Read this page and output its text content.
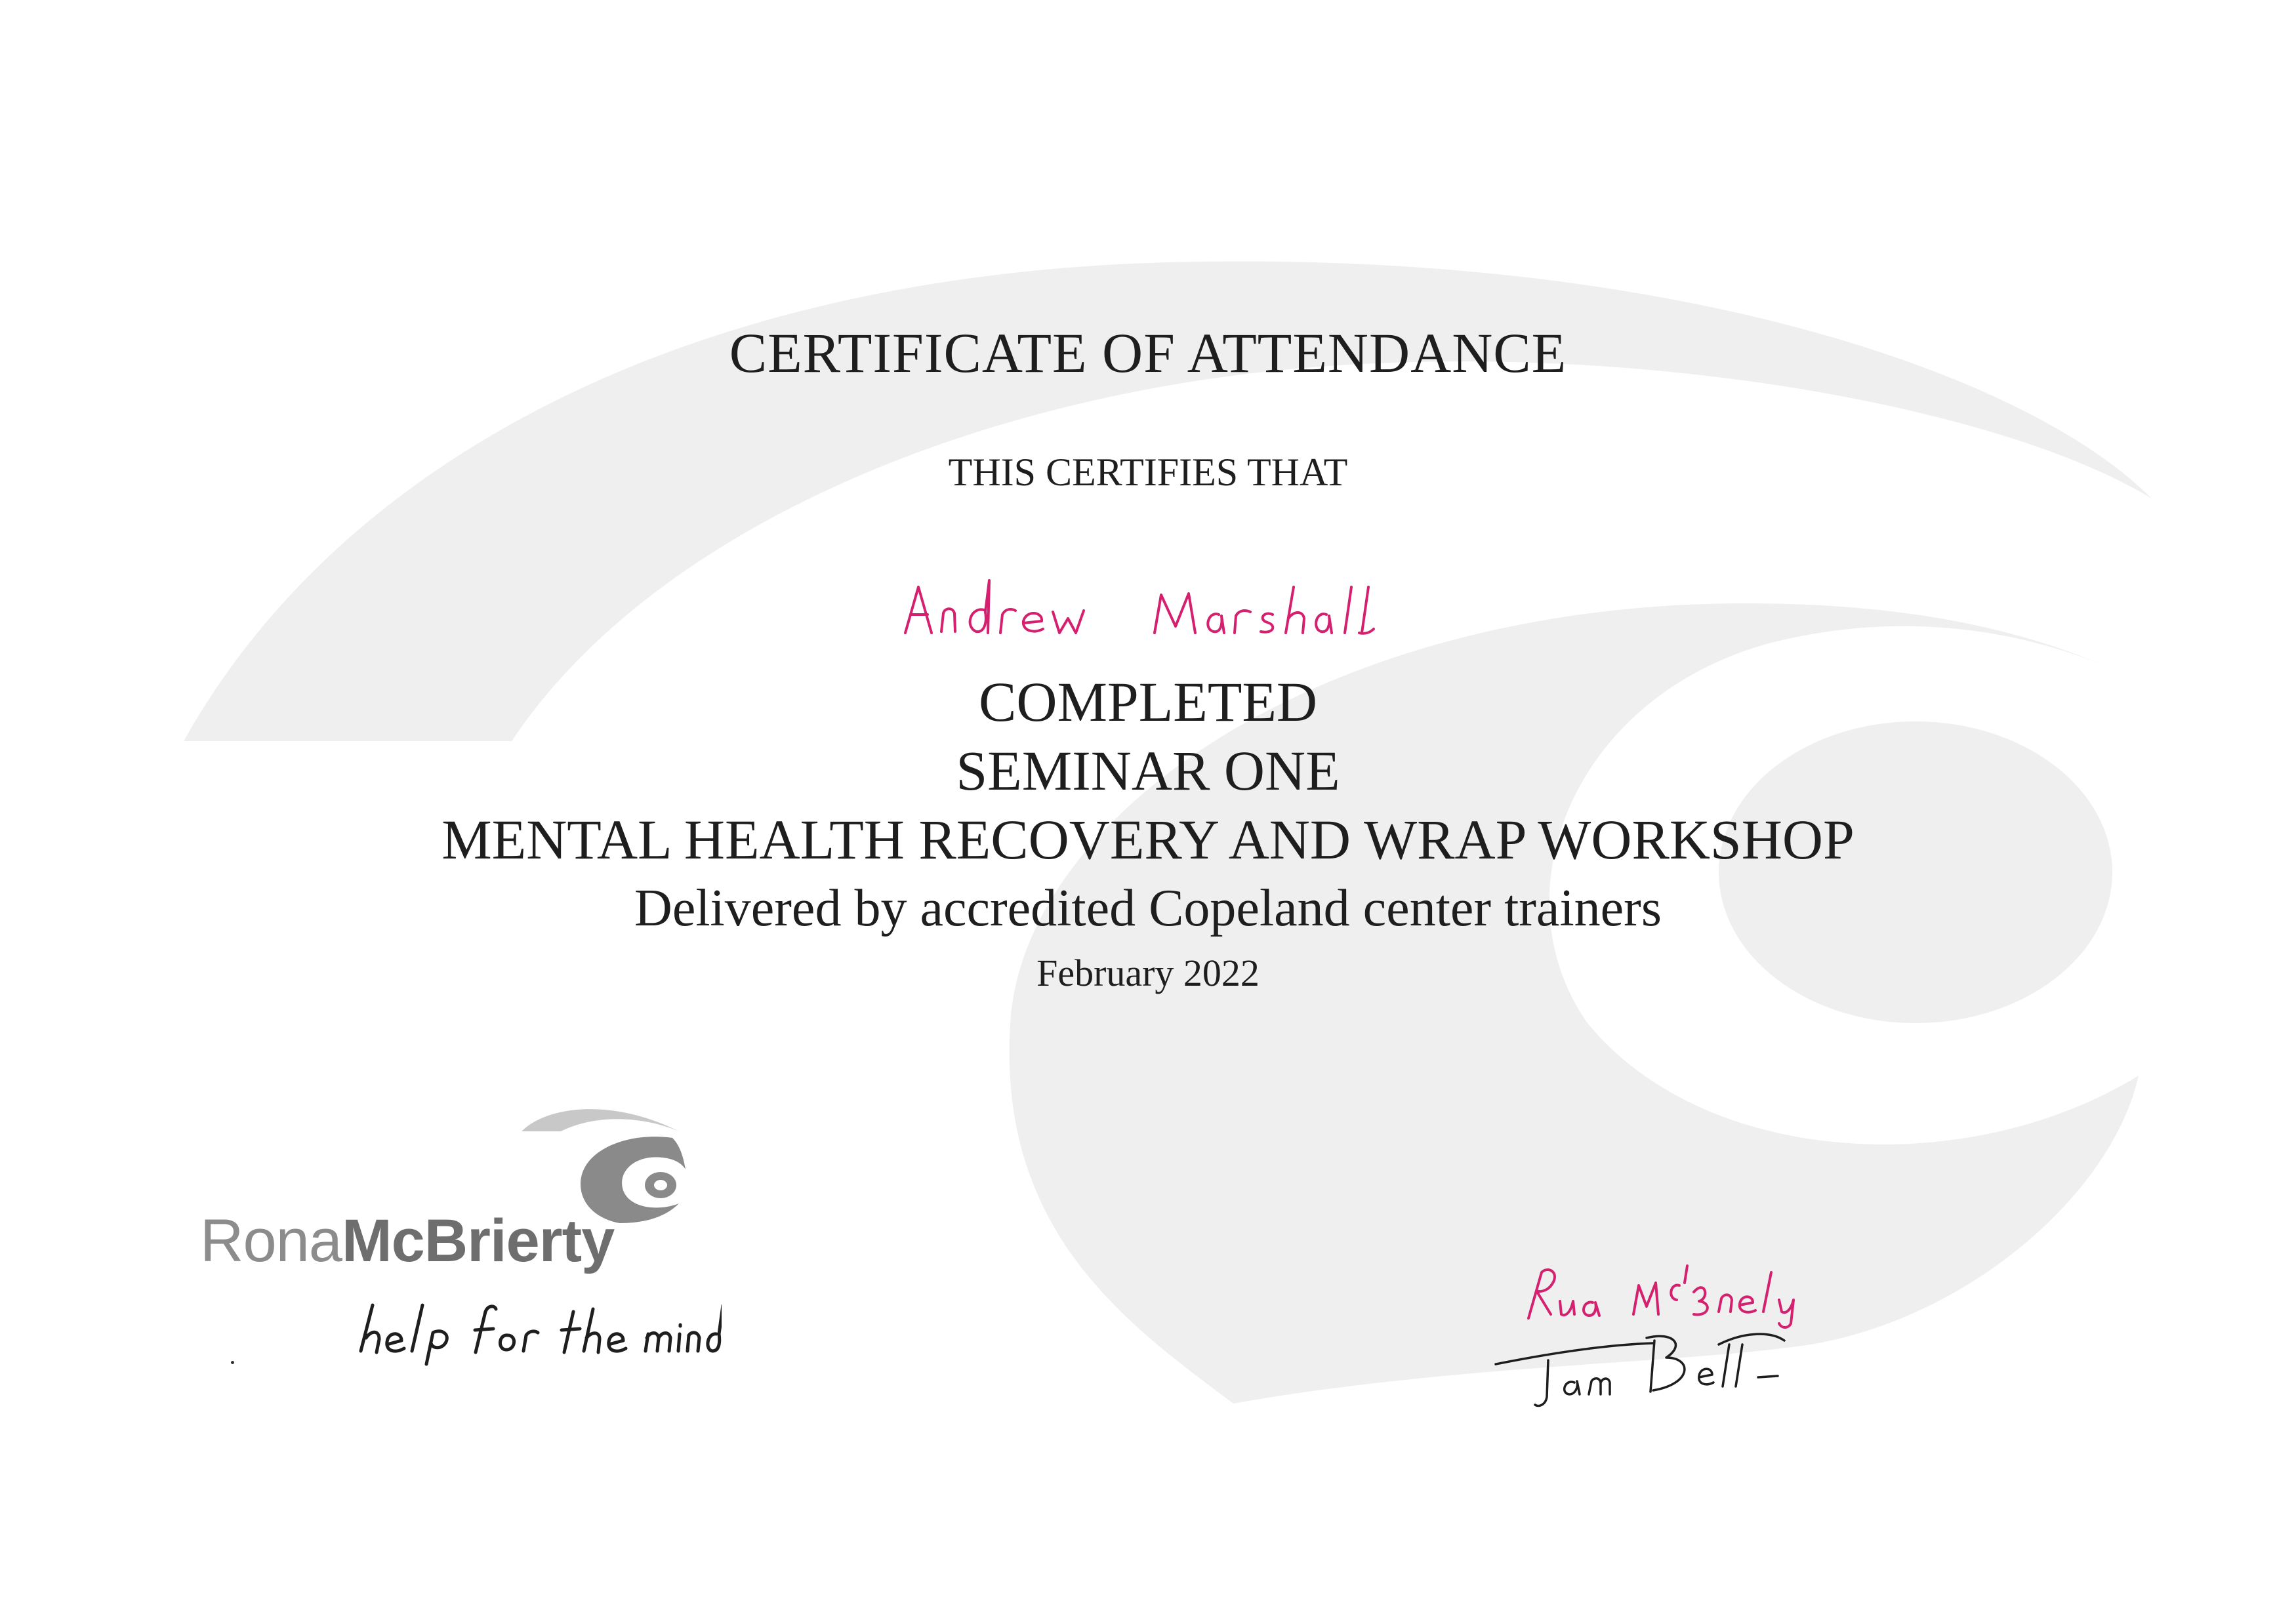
CERTIFICATE OF ATTENDANCE
THIS CERTIFIES THAT
COMPLETED
SEMINAR ONE
MENTAL HEALTH RECOVERY AND WRAP WORKSHOP
Delivered by accredited Copeland center trainers
February 2022
RonaMcBrierty
